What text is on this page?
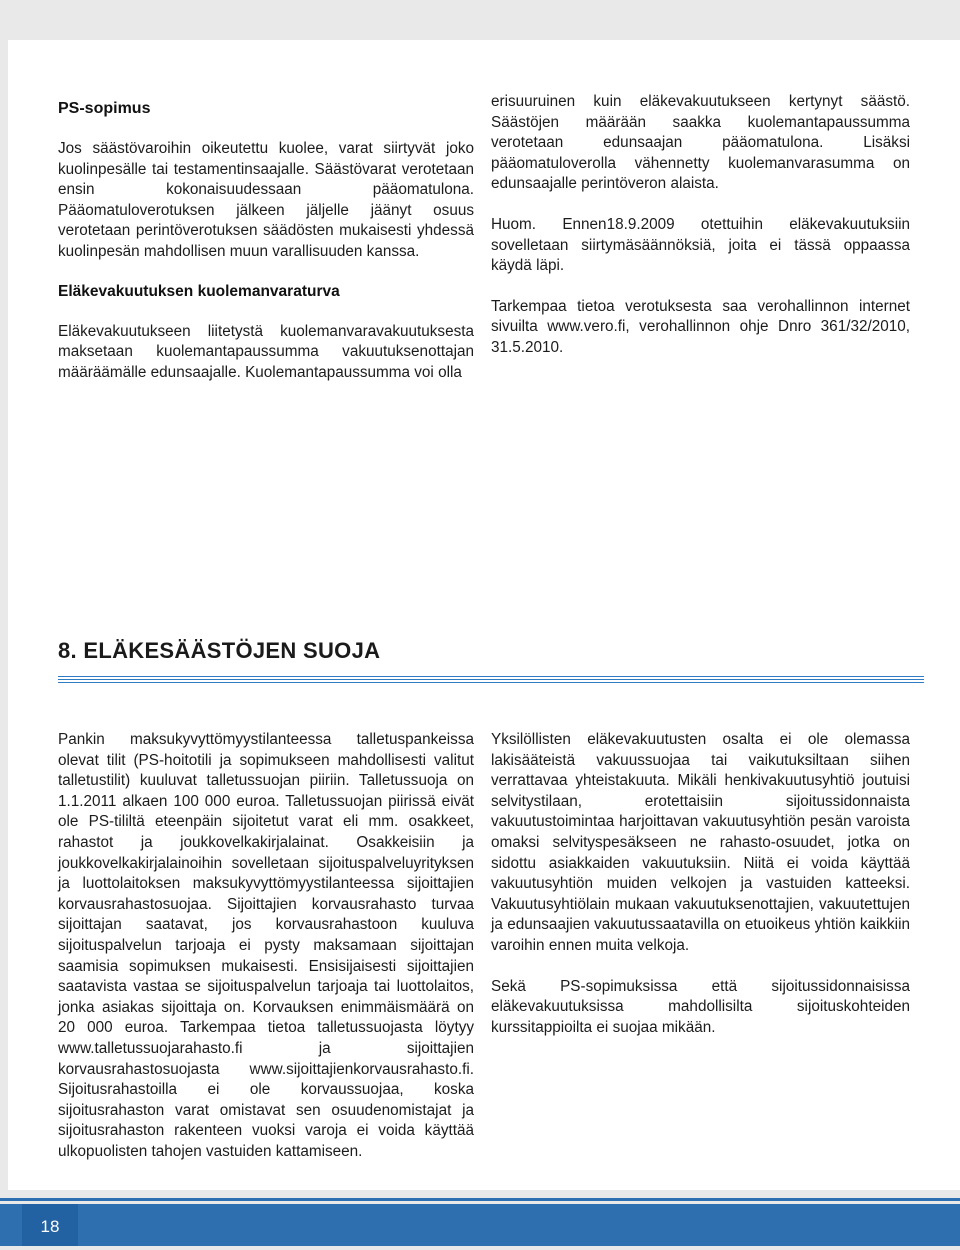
PS-sopimus

Jos säästövaroihin oikeutettu kuolee, varat siirtyvät joko kuolinpesälle tai testamentinsaajalle. Säästövarat verotetaan ensin kokonaisuudessaan pääomatulona. Pääomatuloverotuksen jälkeen jäljelle jäänyt osuus verotetaan perintöverotuksen säädösten mukaisesti yhdessä kuolinpesän mahdollisen muun varallisuuden kanssa.

Eläkevakuutuksen kuolemanvaraturva

Eläkevakuutukseen liitetystä kuolemanvaravakuutuksesta maksetaan kuolemantapaussumma vakuutuksenottajan määräämälle edunsaajalle. Kuolemantapaussumma voi olla

erisuuruinen kuin eläkevakuutukseen kertynyt säästö. Säästöjen määrään saakka kuolemantapaussumma verotetaan edunsaajan pääomatulona. Lisäksi pääomatuloverolla vähennetty kuolemanvarasumma on edunsaajalle perintöveron alaista.

Huom. Ennen18.9.2009 otettuihin eläkevakuutuksiin sovelletaan siirtymäsäännöksiä, joita ei tässä oppaassa käydä läpi.

Tarkempaa tietoa verotuksesta saa verohallinnon internet sivuilta www.vero.fi, verohallinnon ohje Dnro 361/32/2010, 31.5.2010.

8. ELÄKESÄÄSTÖJEN SUOJA

Pankin maksukyvyttömyystilanteessa talletuspankeissa olevat tilit (PS-hoitotili ja sopimukseen mahdollisesti valitut talletustilit) kuuluvat talletussuojan piiriin. Talletussuoja on 1.1.2011 alkaen 100 000 euroa. Talletussuojan piirissä eivät ole PS-tililtä eteenpäin sijoitetut varat eli mm. osakkeet, rahastot ja joukkovelkakirjalainat. Osakkeisiin ja joukkovelkakirjalainoihin sovelletaan sijoituspalveluyrityksen ja luottolaitoksen maksukyvyttömyystilanteessa sijoittajien korvausrahastosuojaa. Sijoittajien korvausrahasto turvaa sijoittajan saatavat, jos korvausrahastoon kuuluva sijoituspalvelun tarjoaja ei pysty maksamaan sijoittajan saamisia sopimuksen mukaisesti. Ensisijaisesti sijoittajien saatavista vastaa se sijoituspalvelun tarjoaja tai luottolaitos, jonka asiakas sijoittaja on. Korvauksen enimmäismäärä on 20 000 euroa. Tarkempaa tietoa talletussuojasta löytyy www.talletussuojarahasto.fi ja sijoittajien korvausrahastosuojasta www.sijoittajienkorvausrahasto.fi. Sijoitusrahastoilla ei ole korvaussuojaa, koska sijoitusrahaston varat omistavat sen osuudenomistajat ja sijoitusrahaston rakenteen vuoksi varoja ei voida käyttää ulkopuolisten tahojen vastuiden kattamiseen.

Yksilöllisten eläkevakuutusten osalta ei ole olemassa lakisääteistä vakuussuojaa tai vaikutuksiltaan siihen verrattavaa yhteistakuuta. Mikäli henkivakuutusyhtiö joutuisi selvitystilaan, erotettaisiin sijoitussidonnaista vakuutustoimintaa harjoittavan vakuutusyhtiön pesän varoista omaksi selvityspesäkseen ne rahasto-osuudet, jotka on sidottu asiakkaiden vakuutuksiin. Niitä ei voida käyttää vakuutusyhtiön muiden velkojen ja vastuiden katteeksi. Vakuutusyhtiölain mukaan vakuutuksenottajien, vakuutettujen ja edunsaajien vakuutussaatavilla on etuoikeus yhtiön kaikkiin varoihin ennen muita velkoja.

Sekä PS-sopimuksissa että sijoitussidonnaisissa eläkevakuutuksissa mahdollisilta sijoituskohteiden kurssitappioilta ei suojaa mikään.

18
